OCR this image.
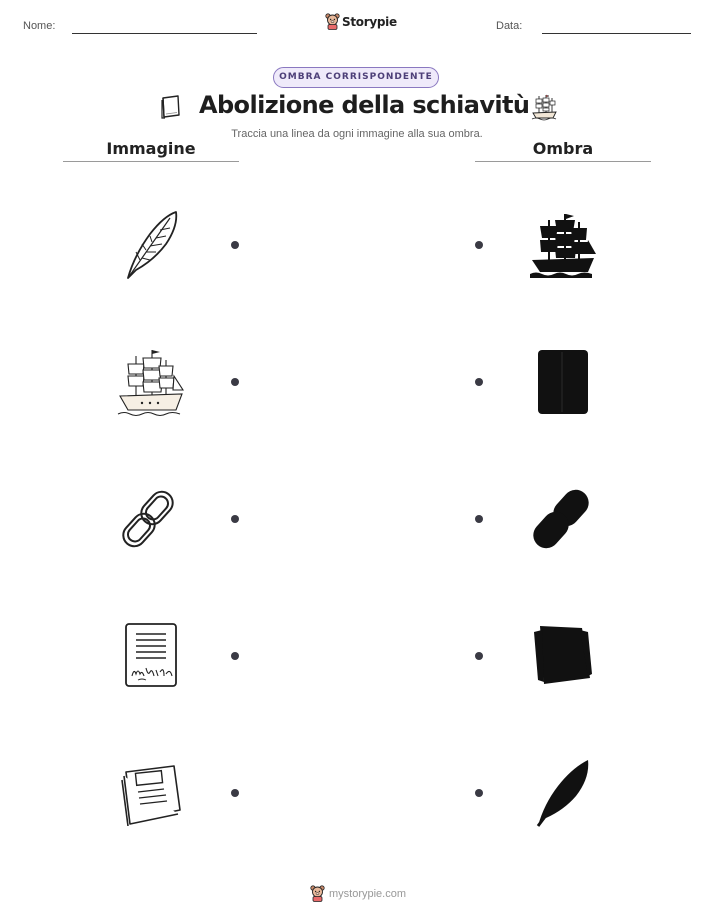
Nome:	Storypie	Data:
OMBRA CORRISPONDENTE
Abolizione della schiavitù
Traccia una linea da ogni immagine alla sua ombra.
Immagine	Ombra
mystorypie.com
